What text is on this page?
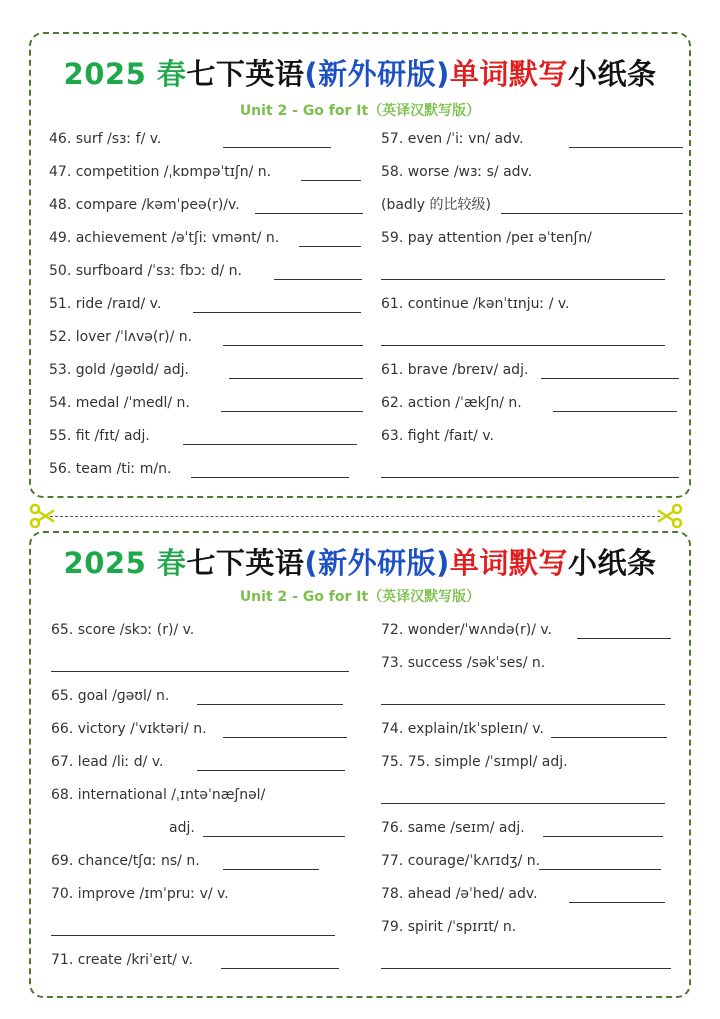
2025 春七下英语(新外研版)单词默写小纸条
Unit 2 - Go for It（英译汉默写版）
46. surf /sɜː f/ v.
47. competition /ˌkɒmpəˈtɪʃn/ n.
48. compare /kəmˈpeə(r)/v.
49. achievement /əˈtʃiː vmənt/ n.
50. surfboard /ˈsɜː fbɔː d/ n.
51. ride /raɪd/ v.
52. lover /ˈlʌvə(r)/ n.
53. gold /ɡəʊld/ adj.
54. medal /ˈmedl/ n.
55. fit /fɪt/ adj.
56. team /tiː m/n.
57. even /ˈiː vn/ adv.
58. worse /wɜː s/ adv.
(badly 的比较级)
59. pay attention /peɪ əˈtenʃn/
61. continue /kənˈtɪnjuː / v.
61. brave /breɪv/ adj.
62. action /ˈækʃn/ n.
63. fight /faɪt/ v.
2025 春七下英语(新外研版)单词默写小纸条
Unit 2 - Go for It（英译汉默写版）
65. score /skɔː (r)/ v.
65. goal /ɡəʊl/ n.
66. victory /ˈvɪktəri/ n.
67. lead /liː d/ v.
68. international /ˌɪntəˈnæʃnəl/
adj.
69. chance/tʃɑː ns/ n.
70. improve /ɪmˈpruː v/ v.
71. create /kriˈeɪt/ v.
72. wonder/ˈwʌndə(r)/ v.
73. success /səkˈses/ n.
74. explain/ɪkˈspleɪn/ v.
75. 75. simple /ˈsɪmpl/ adj.
76. same /seɪm/ adj.
77. courage/ˈkʌrɪdʒ/ n.
78. ahead /əˈhed/ adv.
79. spirit /ˈspɪrɪt/ n.
